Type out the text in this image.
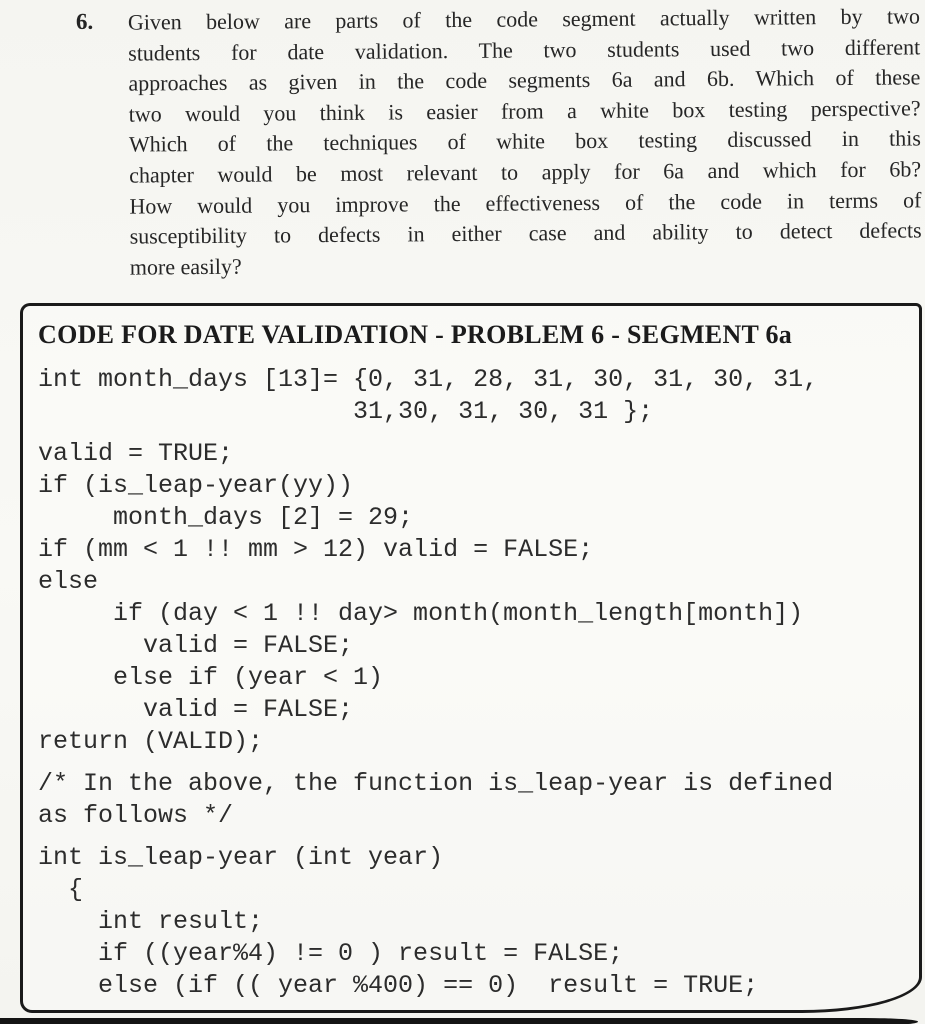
6. Given below are parts of the code segment actually written by two
students for date validation. The two students used two different
approaches as given in the code segments 6a and 6b. Which of these
two would you think is easier from a white box testing perspective?
Which of the techniques of white box testing discussed in this
chapter would be most relevant to apply for 6a and which for 6b?
How would you improve the effectiveness of the code in terms of
susceptibility to defects in either case and ability to detect defects
more easily?
CODE FOR DATE VALIDATION - PROBLEM 6 - SEGMENT 6a
int month_days [13]= {0, 31, 28, 31, 30, 31, 30, 31,
31,30, 31, 30, 31 };
valid = TRUE;
if (is_leap-year(yy))
month_days [2] = 29;
if (mm < 1 !! mm > 12) valid = FALSE;
else
if (day < 1 !! day> month(month_length[month])
valid = FALSE;
else if (year < 1)
valid = FALSE;
return (VALID);
/* In the above, the function is_leap-year is defined
as follows */
int is_leap-year (int year)
{
int result;
if ((year%4) != 0 ) result = FALSE;
else (if (( year %400) == 0)  result = TRUE;
